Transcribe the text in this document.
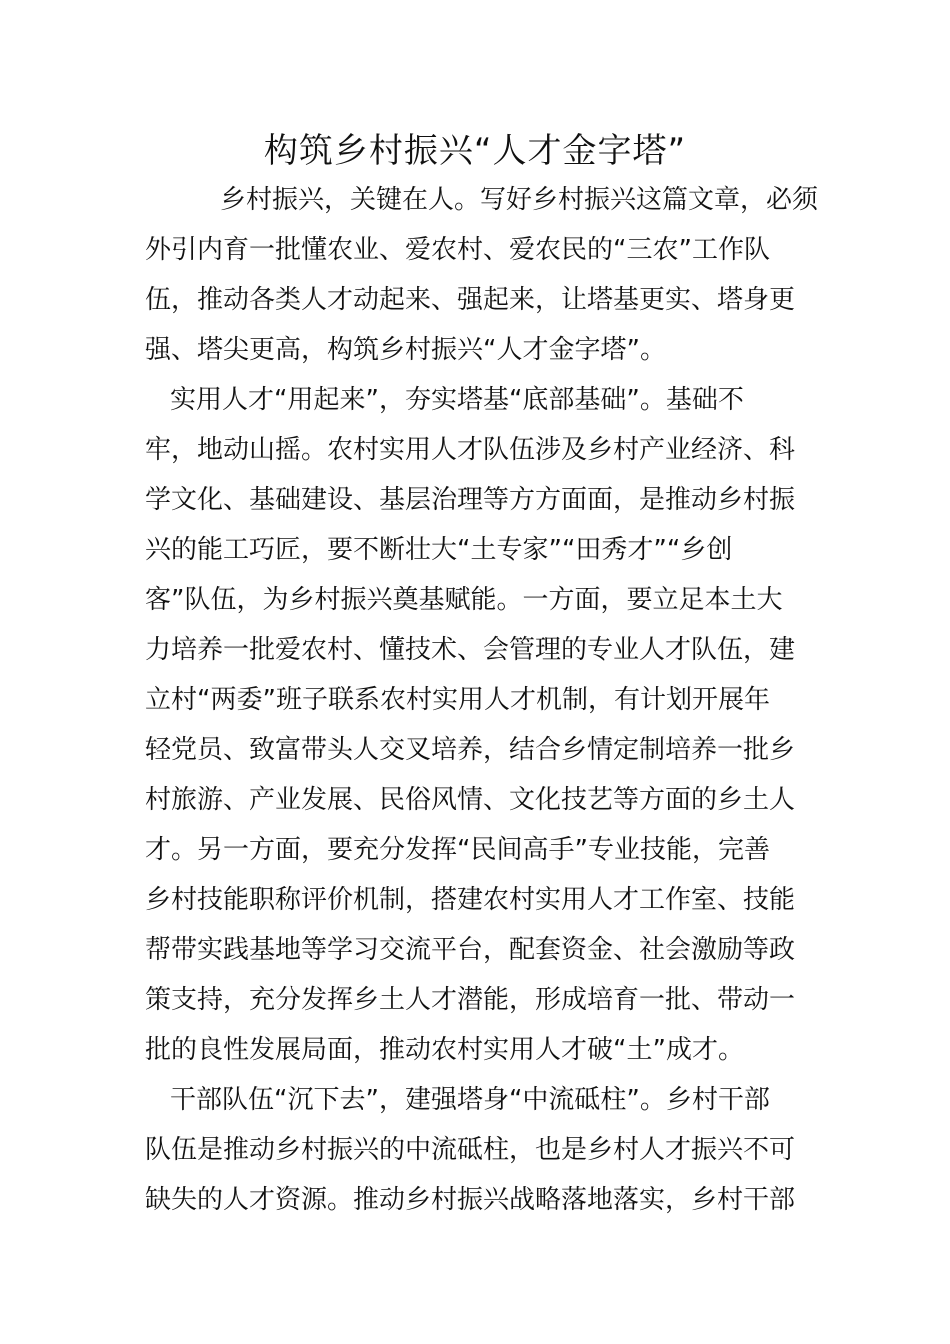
构筑乡村振兴“人才金字塔”
乡村振兴，关键在人。写好乡村振兴这篇文章，必须
外引内育一批懂农业、爱农村、爱农民的“三农”工作队
伍，推动各类人才动起来、强起来，让塔基更实、塔身更
强、塔尖更高，构筑乡村振兴“人才金字塔”。
实用人才“用起来”，夯实塔基“底部基础”。基础不
牢，地动山摇。农村实用人才队伍涉及乡村产业经济、科
学文化、基础建设、基层治理等方方面面，是推动乡村振
兴的能工巧匠，要不断壮大“土专家”“田秀才”“乡创
客”队伍，为乡村振兴奠基赋能。一方面，要立足本土大
力培养一批爱农村、懂技术、会管理的专业人才队伍，建
立村“两委”班子联系农村实用人才机制，有计划开展年
轻党员、致富带头人交叉培养，结合乡情定制培养一批乡
村旅游、产业发展、民俗风情、文化技艺等方面的乡土人
才。另一方面，要充分发挥“民间高手”专业技能，完善
乡村技能职称评价机制，搭建农村实用人才工作室、技能
帮带实践基地等学习交流平台，配套资金、社会激励等政
策支持，充分发挥乡土人才潜能，形成培育一批、带动一
批的良性发展局面，推动农村实用人才破“土”成才。
干部队伍“沉下去”，建强塔身“中流砥柱”。乡村干部
队伍是推动乡村振兴的中流砥柱，也是乡村人才振兴不可
缺失的人才资源。推动乡村振兴战略落地落实，乡村干部
